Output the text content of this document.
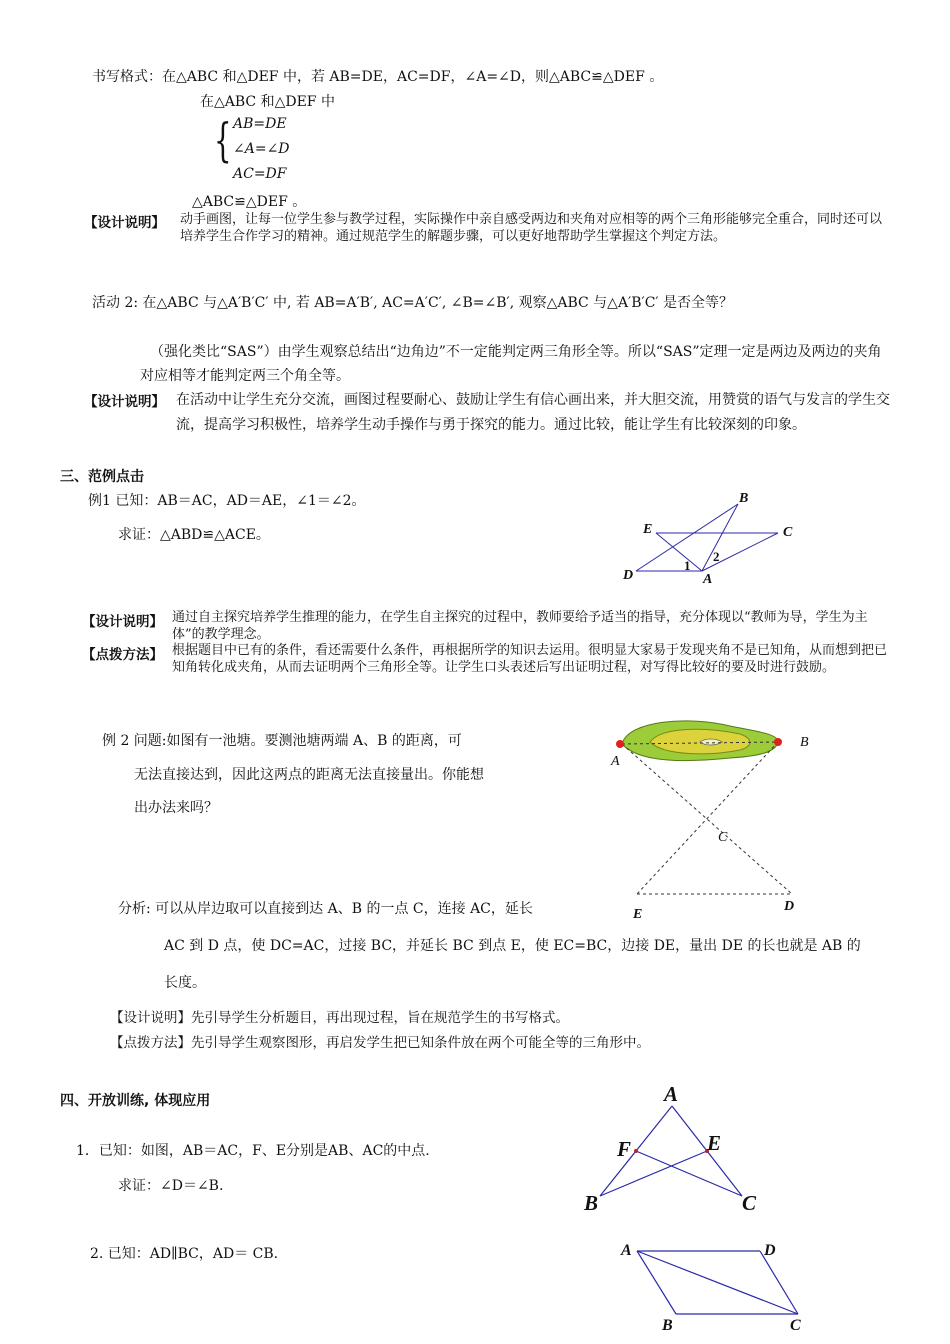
书写格式：在△ABC 和△DEF 中，若 AB=DE，AC=DF，∠A=∠D，则△ABC≌△DEF 。
在△ABC 和△DEF 中
{ AB=DE
∠A=∠D
AC=DF
△ABC≌△DEF 。
【设计说明】 动手画图，让每一位学生参与教学过程，实际操作中亲自感受两边和夹角对应相等的两个三角形能够完全重合，同时还可以培养学生合作学习的精神。通过规范学生的解题步骤，可以更好地帮助学生掌握这个判定方法。
活动 2: 在△ABC 与△A′B′C′ 中, 若 AB=A′B′, AC=A′C′, ∠B=∠B′, 观察△ABC 与△A′B′C′ 是否全等？
（强化类比“SAS”）由学生观察总结出“边角边”不一定能判定两三角形全等。所以“SAS”定理一定是两边及两边的夹角对应相等才能判定两三个角全等。
【设计说明】 在活动中让学生充分交流，画图过程要耐心、鼓励让学生有信心画出来，并大胆交流，用赞赏的语气与发言的学生交流，提高学习积极性，培养学生动手操作与勇于探究的能力。通过比较，能让学生有比较深刻的印象。
三、范例点击
例1 已知：AB＝AC，AD＝AE，∠1＝∠2。
求证：△ABD≌△ACE。
B
E	C
D	A
1
2
【设计说明】 通过自主探究培养学生推理的能力，在学生自主探究的过程中，教师要给予适当的指导，充分体现以“教师为导，学生为主体”的教学理念。
【点拨方法】 根据题目中已有的条件，看还需要什么条件，再根据所学的知识去运用。很明显大家易于发现夹角不是已知角，从而想到把已知角转化成夹角，从而去证明两个三角形全等。让学生口头表述后写出证明过程，对写得比较好的要及时进行鼓励。
例 2 问题:如图有一池塘。要测池塘两端 A、B 的距离，可
无法直接达到，因此这两点的距离无法直接量出。你能想
出办法来吗？
A
B
C
D
E
分析: 可以从岸边取可以直接到达 A、B 的一点 C，连接 AC，延长
AC 到 D 点，使 DC=AC，过接 BC，并延长 BC 到点 E，使 EC=BC，边接 DE，量出 DE 的长也就是 AB 的
长度。
【设计说明】先引导学生分析题目，再出现过程，旨在规范学生的书写格式。
【点拨方法】先引导学生观察图形，再启发学生把已知条件放在两个可能全等的三角形中。
四、开放训练, 体现应用
1．已知：如图，AB＝AC，F、E分别是AB、AC的中点.
求证：∠D＝∠B.
A
F	E
B	C
2. 已知：AD∥BC，AD＝ CB.	A	D
B	C
